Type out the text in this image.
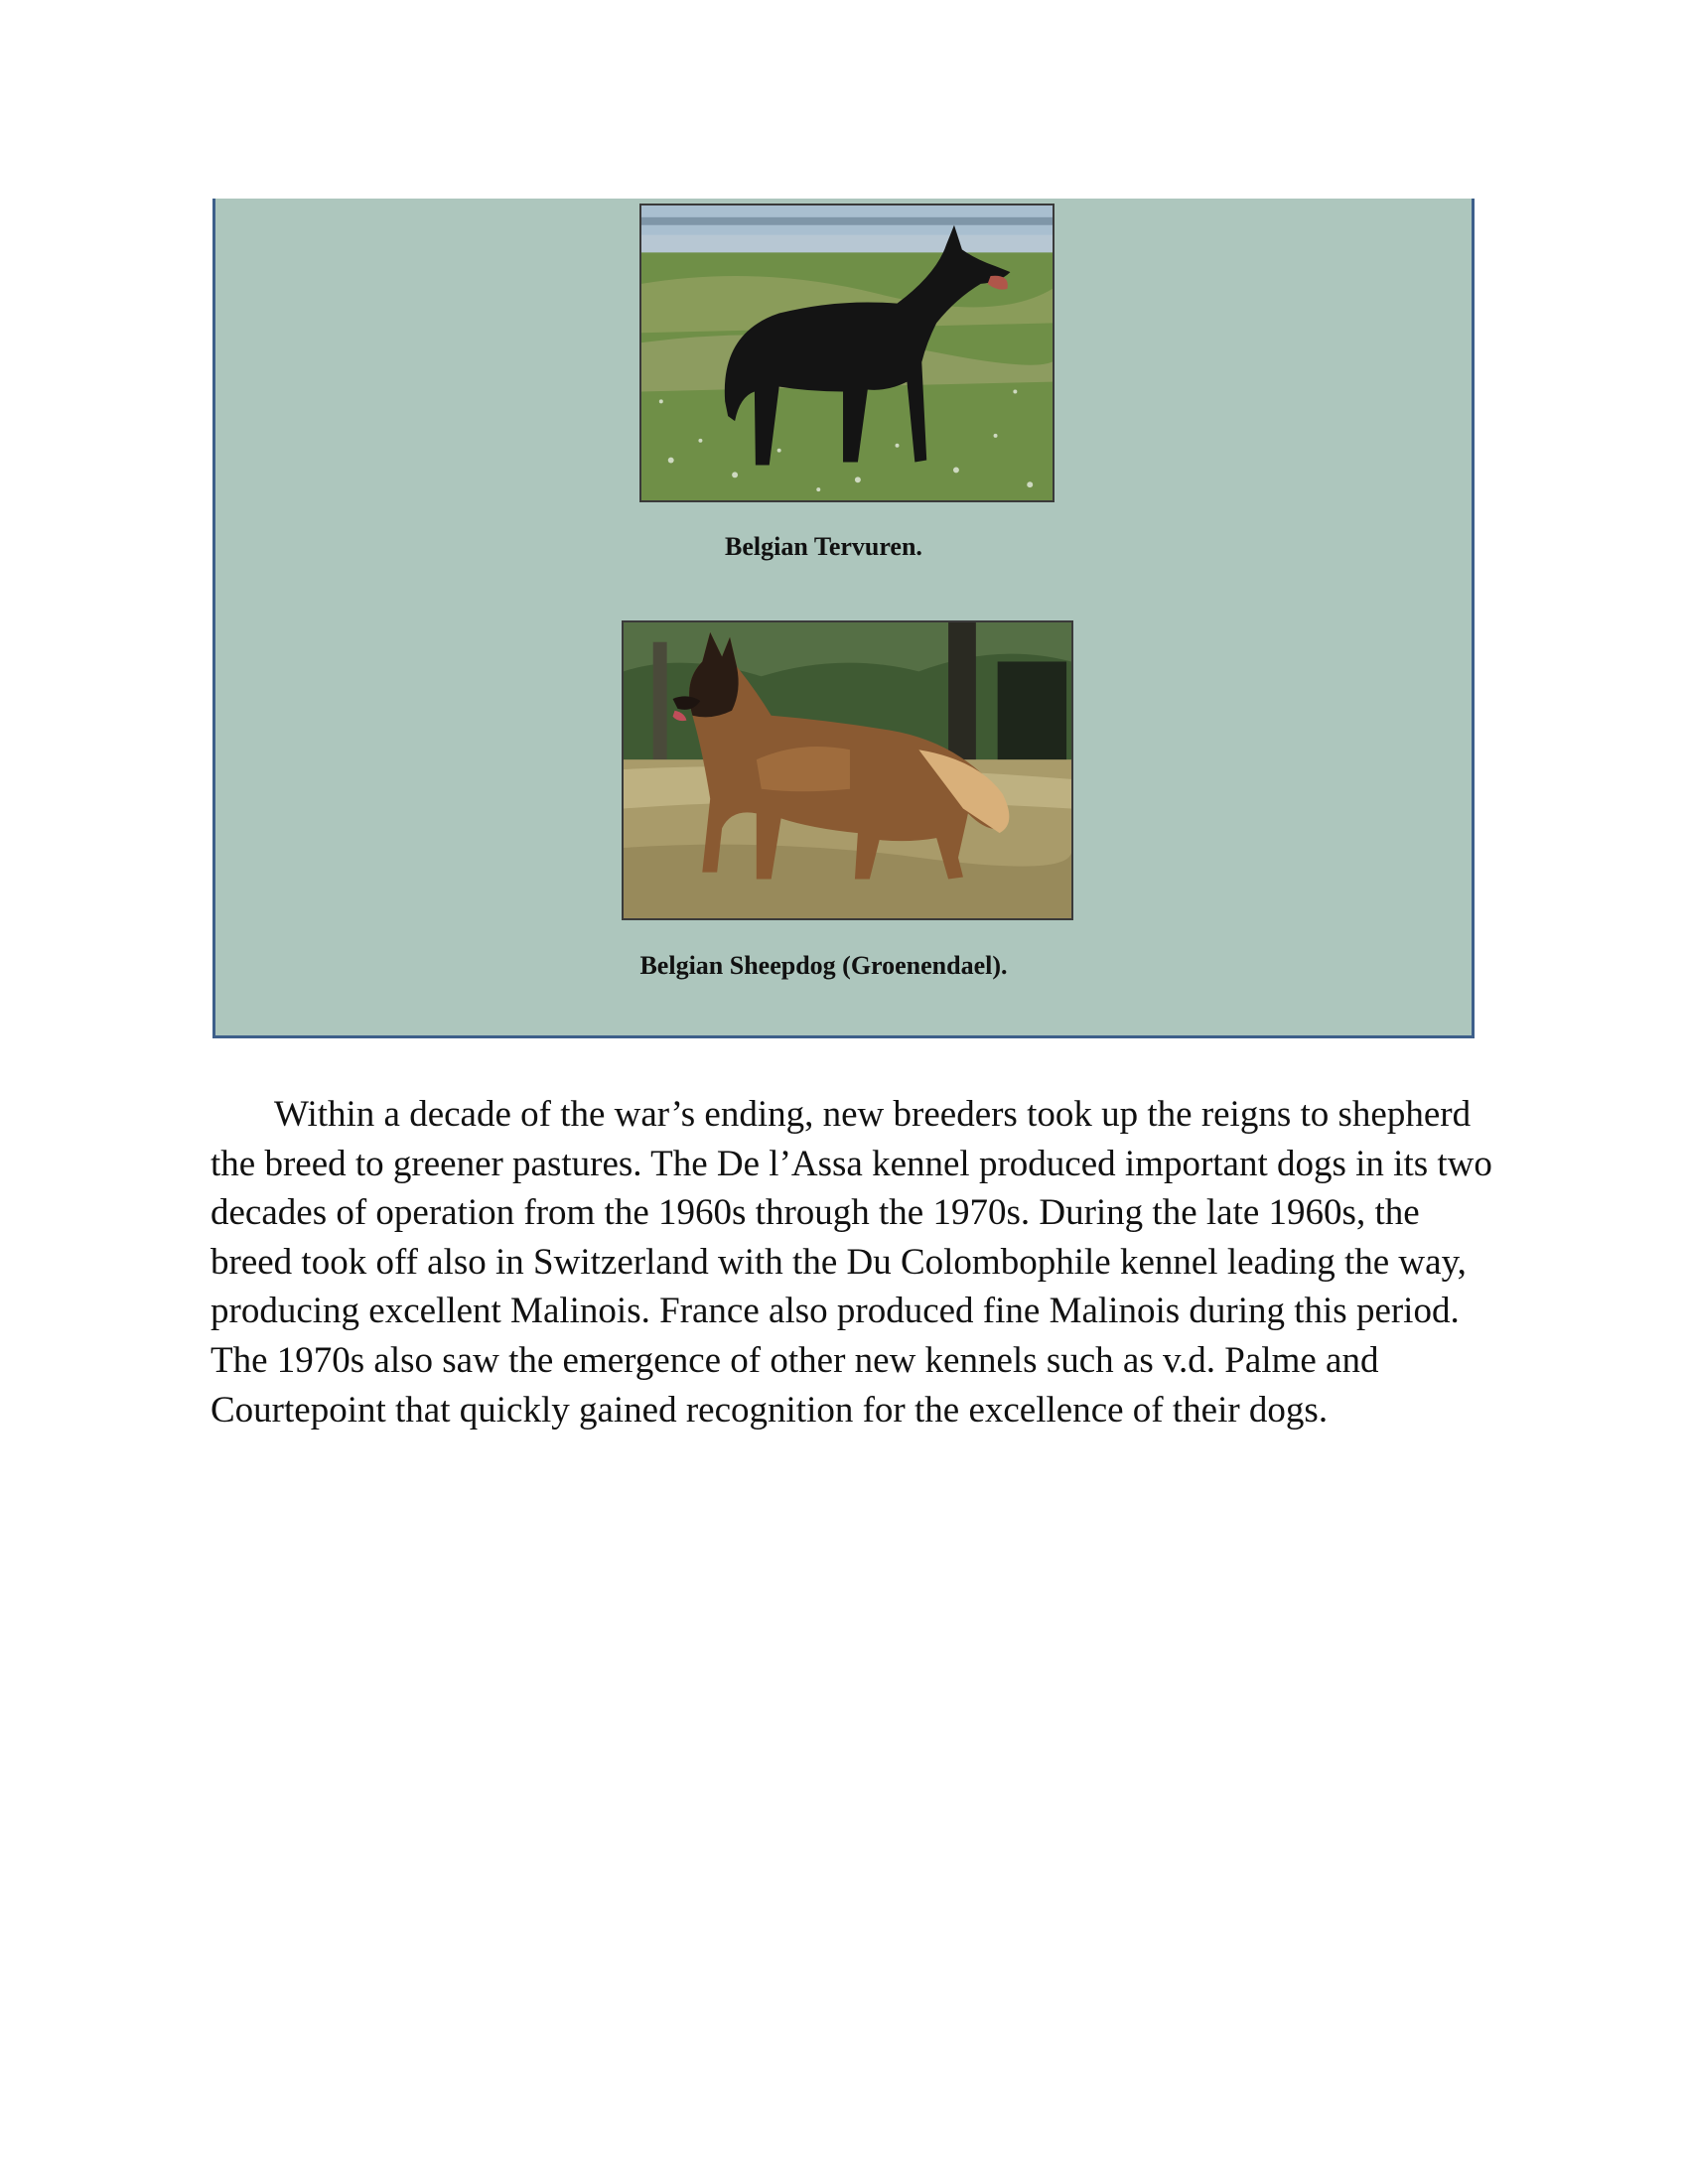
Belgian Tervuren.
Belgian Sheepdog (Groenendael).

Within a decade of the war’s ending, new breeders took up the reigns to shepherd the breed to greener pastures. The De l’Assa kennel produced important dogs in its two decades of operation from the 1960s through the 1970s. During the late 1960s, the breed took off also in Switzerland with the Du Colombophile kennel leading the way, producing excellent Malinois. France also produced fine Malinois during this period. The 1970s also saw the emergence of other new kennels such as v.d. Palme and Courtepoint that quickly gained recognition for the excellence of their dogs.
